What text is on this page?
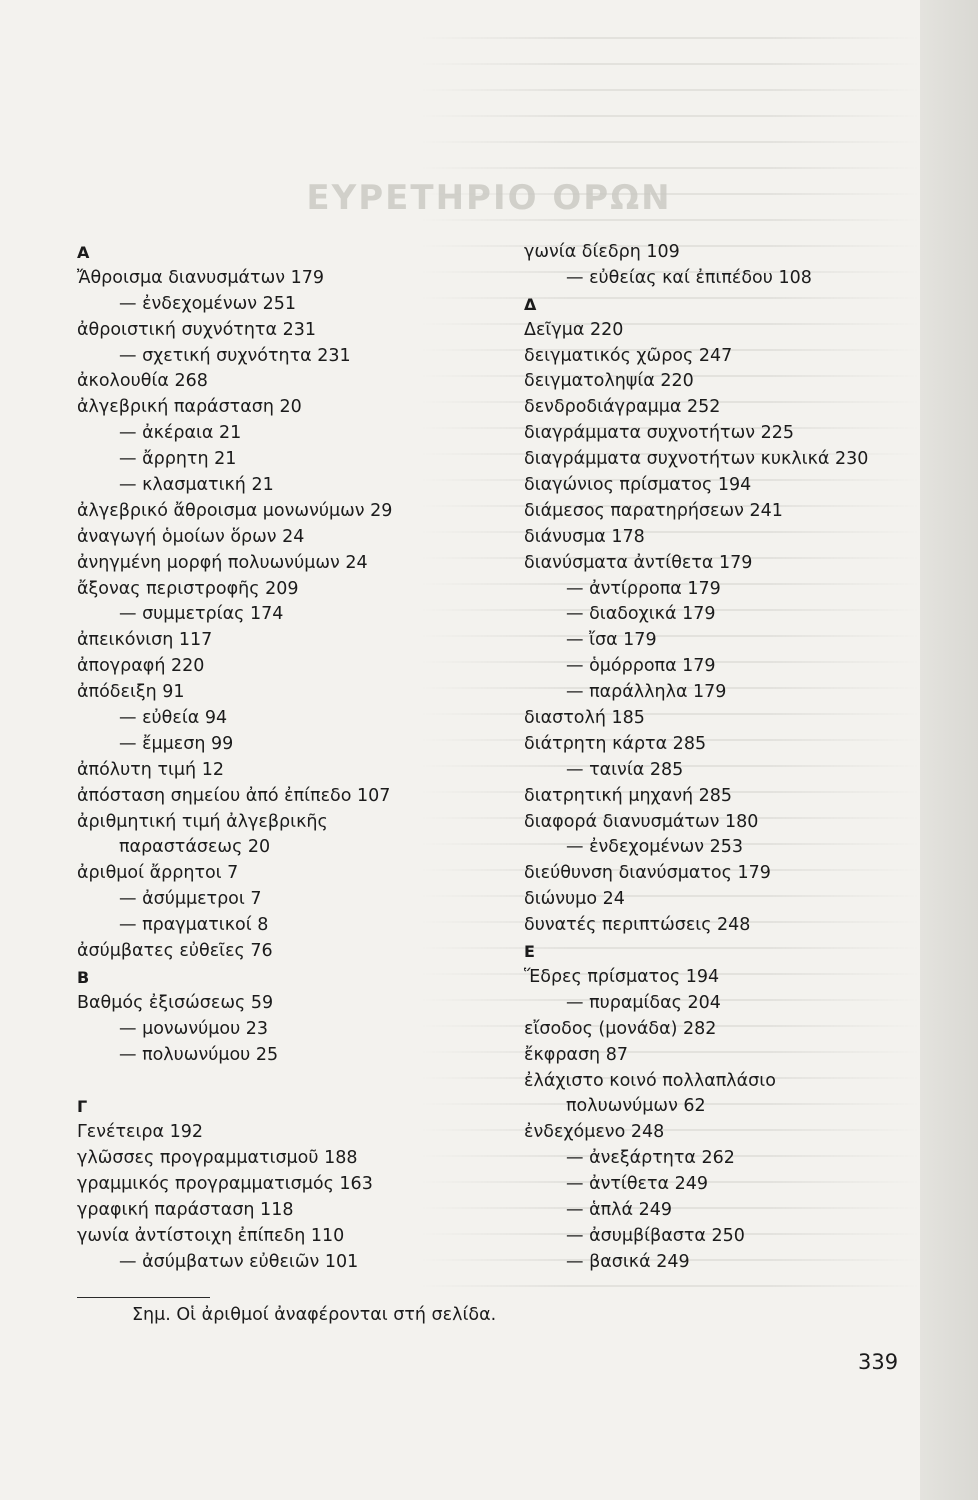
ΕΥΡΕΤΗΡΙΟ ΟΡΩΝ
Α
Ἄθροισμα διανυσμάτων 179
— ἐνδεχομένων 251
ἀθροιστική συχνότητα 231
— σχετική συχνότητα 231
ἀκολουθία 268
ἀλγεβρική παράσταση 20
— ἀκέραια 21
— ἄρρητη 21
— κλασματική 21
ἀλγεβρικό ἄθροισμα μονωνύμων 29
ἀναγωγή ὁμοίων ὅρων 24
ἀνηγμένη μορφή πολυωνύμων 24
ἄξονας περιστροφῆς 209
— συμμετρίας 174
ἀπεικόνιση 117
ἀπογραφή 220
ἀπόδειξη 91
— εὐθεία 94
— ἔμμεση 99
ἀπόλυτη τιμή 12
ἀπόσταση σημείου ἀπό ἐπίπεδο 107
ἀριθμητική τιμή ἀλγεβρικῆς
παραστάσεως 20
ἀριθμοί ἄρρητοι 7
— ἀσύμμετροι 7
— πραγματικοί 8
ἀσύμβατες εὐθεῖες 76
Β
Βαθμός ἐξισώσεως 59
— μονωνύμου 23
— πολυωνύμου 25
Γ
Γενέτειρα 192
γλῶσσες προγραμματισμοῦ 188
γραμμικός προγραμματισμός 163
γραφική παράσταση 118
γωνία ἀντίστοιχη ἐπίπεδη 110
— ἀσύμβατων εὐθειῶν 101
γωνία δίεδρη 109
— εὐθείας καί ἐπιπέδου 108
Δ
Δεῖγμα 220
δειγματικός χῶρος 247
δειγματοληψία 220
δενδροδιάγραμμα 252
διαγράμματα συχνοτήτων 225
διαγράμματα συχνοτήτων κυκλικά 230
διαγώνιος πρίσματος 194
διάμεσος παρατηρήσεων 241
διάνυσμα 178
διανύσματα ἀντίθετα 179
— ἀντίρροπα 179
— διαδοχικά 179
— ἴσα 179
— ὁμόρροπα 179
— παράλληλα 179
διαστολή 185
διάτρητη κάρτα 285
— ταινία 285
διατρητική μηχανή 285
διαφορά διανυσμάτων 180
— ἐνδεχομένων 253
διεύθυνση διανύσματος 179
διώνυμο 24
δυνατές περιπτώσεις 248
Ε
Ἕδρες πρίσματος 194
— πυραμίδας 204
εἴσοδος (μονάδα) 282
ἔκφραση 87
ἐλάχιστο κοινό πολλαπλάσιο
πολυωνύμων 62
ἐνδεχόμενο 248
— ἀνεξάρτητα 262
— ἀντίθετα 249
— ἁπλά 249
— ἀσυμβίβαστα 250
— βασικά 249
Σημ. Οἱ ἀριθμοί ἀναφέρονται στή σελίδα.
339
